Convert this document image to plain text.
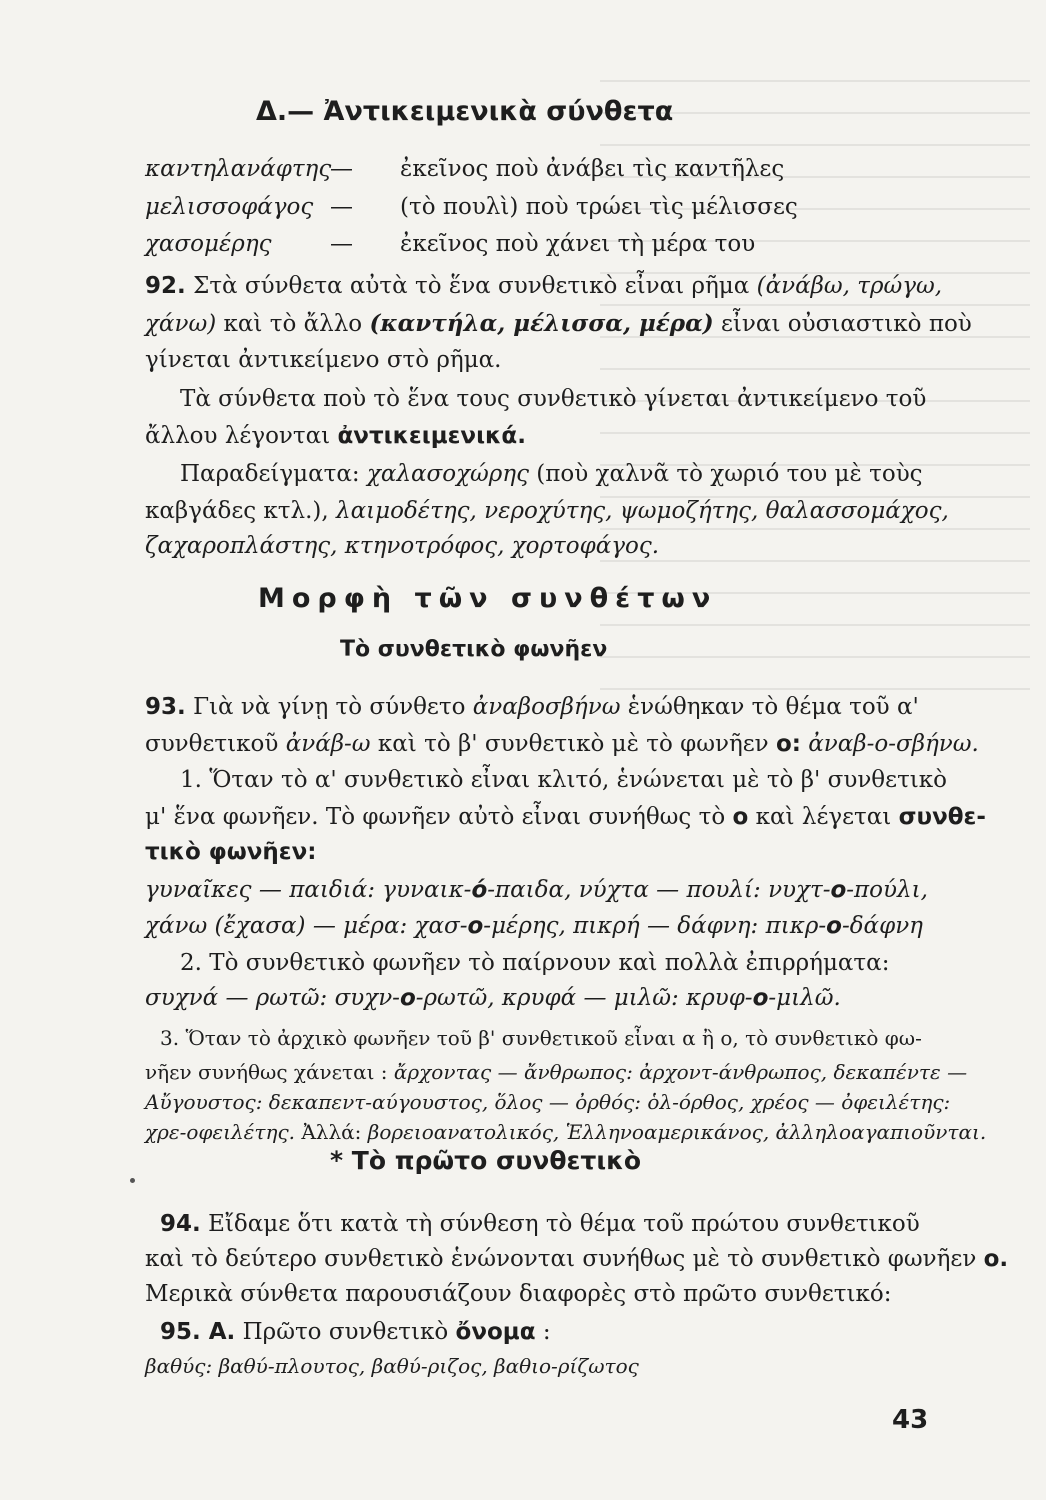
Δ.— Ἀντικειμενικὰ σύνθετα
καντηλανάφτης
— ἐκεῖνος ποὺ ἀνάβει τὶς καντῆλες
μελισσοφάγος — (τὸ πουλὶ) ποὺ τρώει τὶς μέλισσες
χασομέρης	— ἐκεῖνος ποὺ χάνει τὴ μέρα του
92. Στὰ σύνθετα αὐτὰ τὸ ἕνα συνθετικὸ εἶναι ρῆμα (ἀνάβω, τρώγω,
χάνω) καὶ τὸ ἄλλο (καντήλα, μέλισσα, μέρα) εἶναι οὐσιαστικὸ ποὺ
γίνεται ἀντικείμενο στὸ ρῆμα.
Τὰ σύνθετα ποὺ τὸ ἕνα τους συνθετικὸ γίνεται ἀντικείμενο τοῦ
ἄλλου λέγονται ἀντικειμενικά.
Παραδείγματα: χαλασοχώρης (ποὺ χαλνᾶ τὸ χωριό του μὲ τοὺς
καβγάδες κτλ.), λαιμοδέτης, νεροχύτης, ψωμοζήτης, θαλασσομάχος,
ζαχαροπλάστης, κτηνοτρόφος, χορτοφάγος.
Μορφὴ τῶν συνθέτων
Τὸ συνθετικὸ φωνῆεν
93. Γιὰ νὰ γίνῃ τὸ σύνθετο ἀναβοσβήνω ἑνώθηκαν τὸ θέμα τοῦ α'
συνθετικοῦ ἀνάβ-ω καὶ τὸ β' συνθετικὸ μὲ τὸ φωνῆεν ο: ἀναβ-ο-σβήνω.
1. Ὅταν τὸ α' συνθετικὸ εἶναι κλιτό, ἑνώνεται μὲ τὸ β' συνθετικὸ
μ' ἕνα φωνῆεν. Τὸ φωνῆεν αὐτὸ εἶναι συνήθως τὸ ο καὶ λέγεται συνθε-
τικὸ φωνῆεν:
γυναῖκες — παιδιά: γυναικ-ό-παιδα, νύχτα — πουλί: νυχτ-ο-πούλι,
χάνω (ἔχασα) — μέρα: χασ-ο-μέρης, πικρή — δάφνη: πικρ-ο-δάφνη
2. Τὸ συνθετικὸ φωνῆεν τὸ παίρνουν καὶ πολλὰ ἐπιρρήματα:
συχνά — ρωτῶ: συχν-ο-ρωτῶ, κρυφά — μιλῶ: κρυφ-ο-μιλῶ.
3. Ὅταν τὸ ἀρχικὸ φωνῆεν τοῦ β' συνθετικοῦ εἶναι α ἢ ο, τὸ συνθετικὸ φω-
νῆεν συνήθως χάνεται : ἄρχοντας — ἄνθρωπος: ἀρχοντ-άνθρωπος, δεκαπέντε —
Αὔγουστος: δεκαπεντ-αύγουστος, ὅλος — ὀρθός: ὁλ-όρθος, χρέος — ὀφειλέτης:
χρε-οφειλέτης. Ἀλλά: βορειοανατολικός, Ἑλληνοαμερικάνος, ἀλληλοαγαπιοῦνται.
* Τὸ πρῶτο συνθετικὸ
94. Εἴδαμε ὅτι κατὰ τὴ σύνθεση τὸ θέμα τοῦ πρώτου συνθετικοῦ
καὶ τὸ δεύτερο συνθετικὸ ἑνώνονται συνήθως μὲ τὸ συνθετικὸ φωνῆεν ο.
Μερικὰ σύνθετα παρουσιάζουν διαφορὲς στὸ πρῶτο συνθετικό:
95. Α. Πρῶτο συνθετικὸ ὄνομα :
βαθύς: βαθύ-πλουτος, βαθύ-ριζος, βαθιο-ρίζωτος
43
